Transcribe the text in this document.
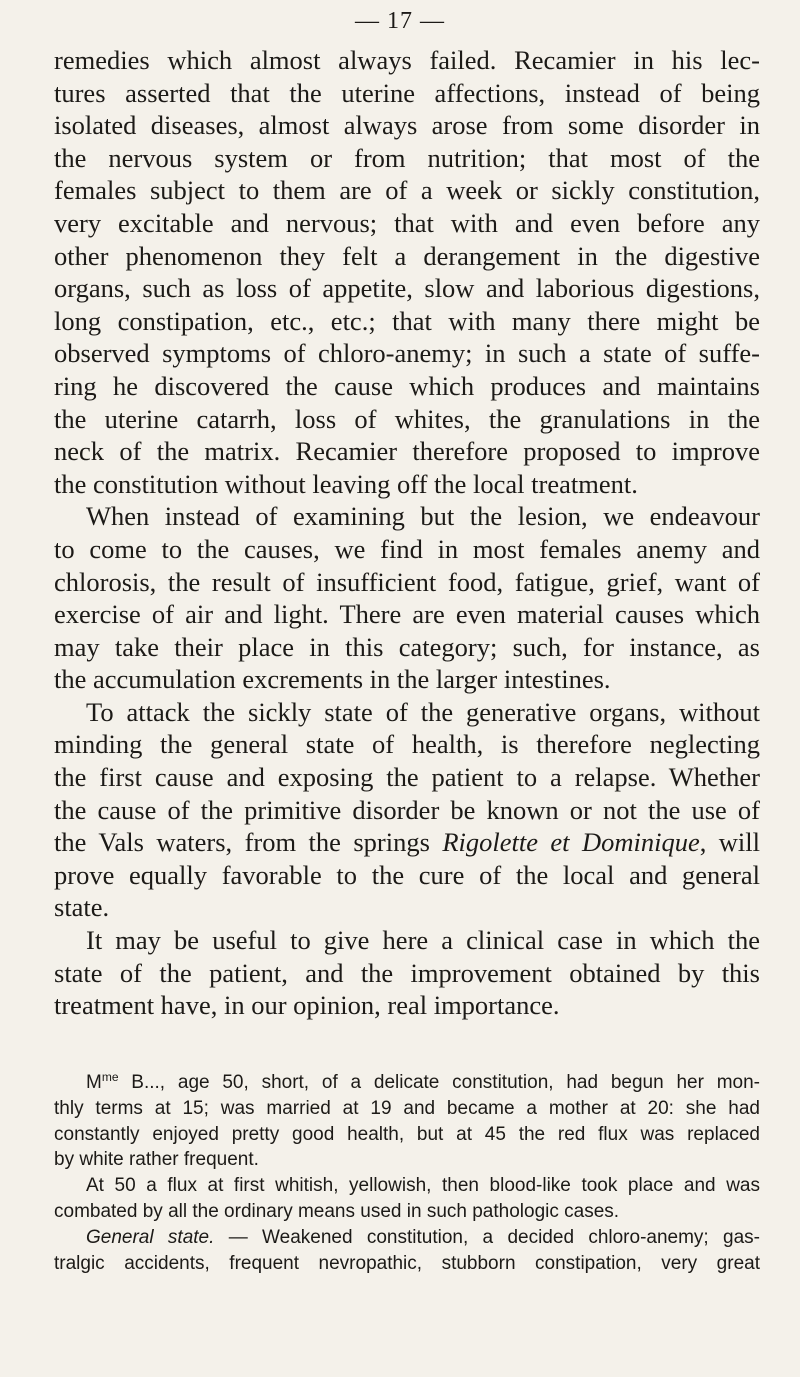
— 17 —
remedies which almost always failed. Recamier in his lec-
tures asserted that the uterine affections, instead of being
isolated diseases, almost always arose from some disorder in
the nervous system or from nutrition; that most of the
females subject to them are of a week or sickly constitution,
very excitable and nervous; that with and even before any
other phenomenon they felt a derangement in the digestive
organs, such as loss of appetite, slow and laborious digestions,
long constipation, etc., etc.; that with many there might be
observed symptoms of chloro-anemy; in such a state of suffe-
ring he discovered the cause which produces and maintains
the uterine catarrh, loss of whites, the granulations in the
neck of the matrix. Recamier therefore proposed to improve
the constitution without leaving off the local treatment.
When instead of examining but the lesion, we endeavour
to come to the causes, we find in most females anemy and
chlorosis, the result of insufficient food, fatigue, grief, want of
exercise of air and light. There are even material causes which
may take their place in this category; such, for instance, as
the accumulation excrements in the larger intestines.
To attack the sickly state of the generative organs, without
minding the general state of health, is therefore neglecting
the first cause and exposing the patient to a relapse. Whether
the cause of the primitive disorder be known or not the use of
the Vals waters, from the springs Rigolette et Dominique, will
prove equally favorable to the cure of the local and general
state.
It may be useful to give here a clinical case in which the
state of the patient, and the improvement obtained by this
treatment have, in our opinion, real importance.
$M^{me}$ B..., age 50, short, of a delicate constitution, had begun her mon-
thly terms at 15; was married at 19 and became a mother at 20: she had
constantly enjoyed pretty good health, but at 45 the red flux was replaced
by white rather frequent.
At 50 a flux at first whitish, yellowish, then blood-like took place and was
combated by all the ordinary means used in such pathologic cases.
General state. — Weakened constitution, a decided chloro-anemy; gas-
tralgic accidents, frequent nevropathic, stubborn constipation, very great
